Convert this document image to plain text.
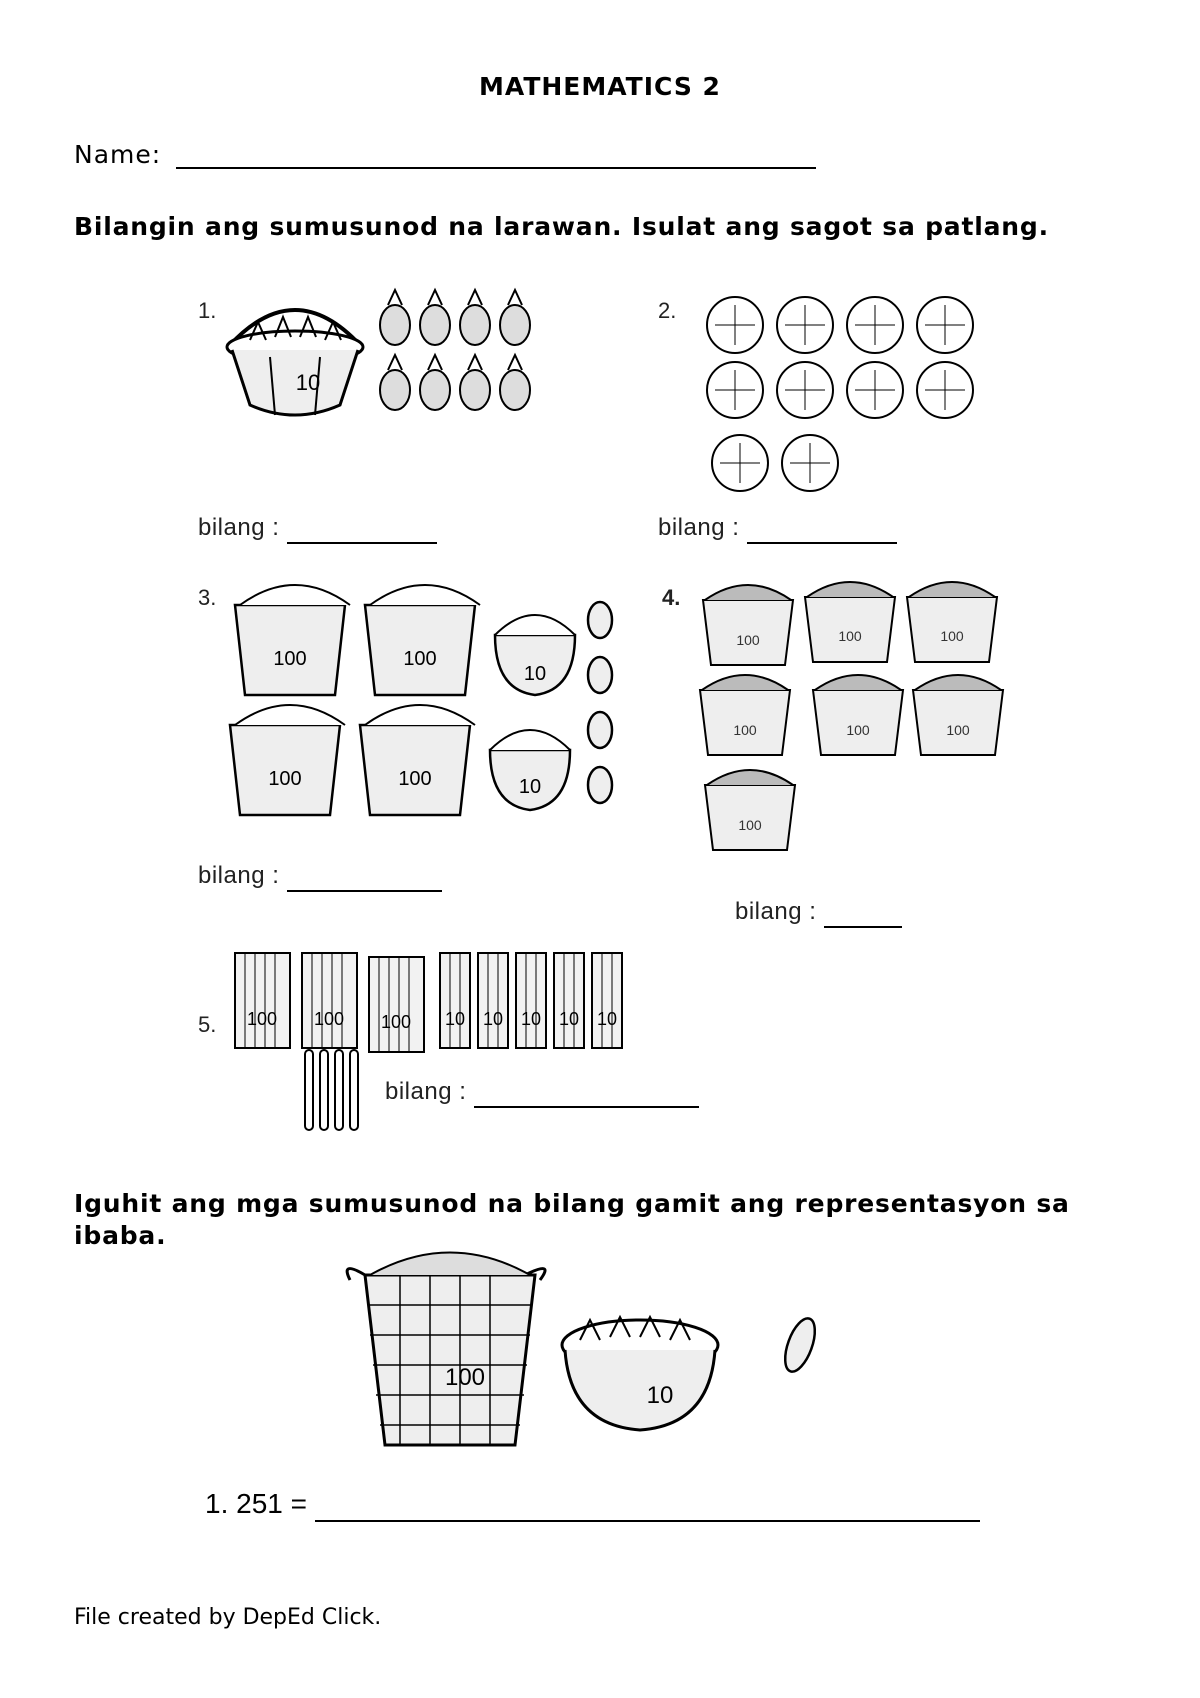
MATHEMATICS 2
Name:
Bilangin ang sumusunod na larawan. Isulat ang sagot sa patlang.
1.
10
bilang :
2.
bilang :
3.
100	100
10
100	100	10
bilang :
4.
100	100	100
100	100	100
100
bilang :
5. 100 100 100 10 10 10 10 10
bilang :
Iguhit ang mga sumusunod na bilang gamit ang representasyon sa ibaba.
100
10
1. 251 =
File created by DepEd Click.
